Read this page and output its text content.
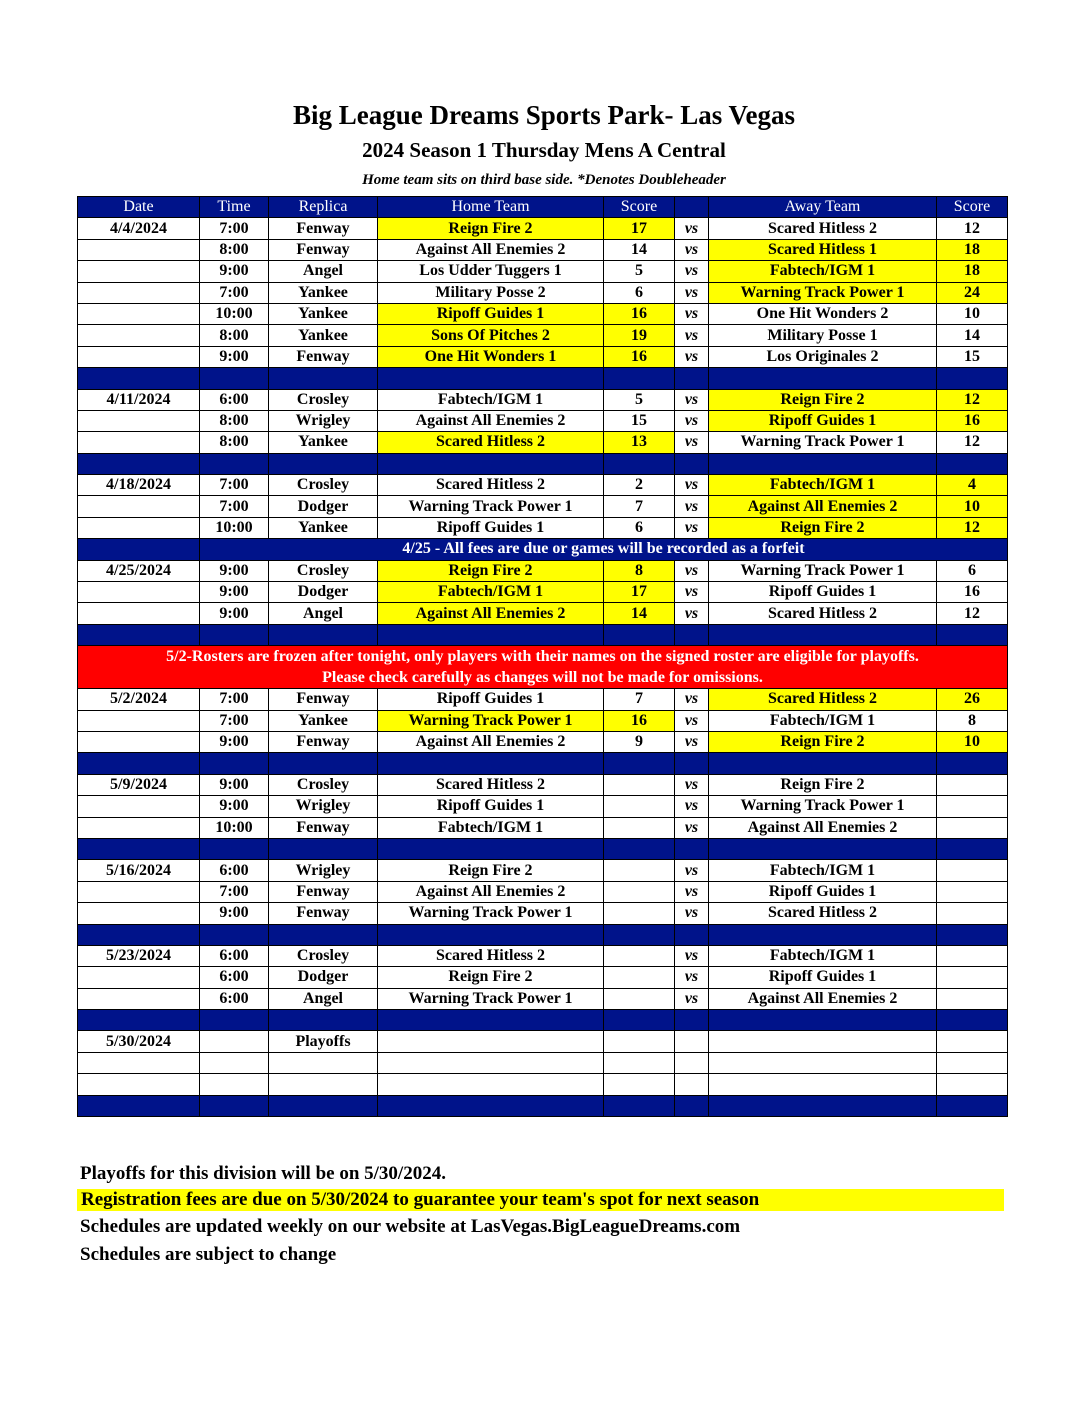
Big League Dreams Sports Park- Las Vegas
2024 Season 1 Thursday Mens A Central
Home team sits on third base side. *Denotes Doubleheader
Date	Time	Replica	Home Team	Score		Away Team	Score
4/4/2024	7:00	Fenway	Reign Fire 2	17	vs	Scared Hitless 2	12
	8:00	Fenway	Against All Enemies 2	14	vs	Scared Hitless 1	18
	9:00	Angel	Los Udder Tuggers 1	5	vs	Fabtech/IGM 1	18
	7:00	Yankee	Military Posse 2	6	vs	Warning Track Power 1	24
	10:00	Yankee	Ripoff Guides 1	16	vs	One Hit Wonders 2	10
	8:00	Yankee	Sons Of Pitches 2	19	vs	Military Posse 1	14
	9:00	Fenway	One Hit Wonders 1	16	vs	Los Originales 2	15

4/11/2024	6:00	Crosley	Fabtech/IGM 1	5	vs	Reign Fire 2	12
	8:00	Wrigley	Against All Enemies 2	15	vs	Ripoff Guides 1	16
	8:00	Yankee	Scared Hitless 2	13	vs	Warning Track Power 1	12

4/18/2024	7:00	Crosley	Scared Hitless 2	2	vs	Fabtech/IGM 1	4
	7:00	Dodger	Warning Track Power 1	7	vs	Against All Enemies 2	10
	10:00	Yankee	Ripoff Guides 1	6	vs	Reign Fire 2	12
	4/25 - All fees are due or games will be recorded as a forfeit						
4/25/2024	9:00	Crosley	Reign Fire 2	8	vs	Warning Track Power 1	6
	9:00	Dodger	Fabtech/IGM 1	17	vs	Ripoff Guides 1	16
	9:00	Angel	Against All Enemies 2	14	vs	Scared Hitless 2	12

5/2-Rosters are frozen after tonight, only players with their names on the signed roster are eligible for playoffs.
Please check carefully as changes will not be made for omissions.							

5/2/2024	7:00	Fenway	Ripoff Guides 1	7	vs	Scared Hitless 2	26
	7:00	Yankee	Warning Track Power 1	16	vs	Fabtech/IGM 1	8
	9:00	Fenway	Against All Enemies 2	9	vs	Reign Fire 2	10

5/9/2024	9:00	Crosley	Scared Hitless 2		vs	Reign Fire 2	
	9:00	Wrigley	Ripoff Guides 1		vs	Warning Track Power 1	
	10:00	Fenway	Fabtech/IGM 1		vs	Against All Enemies 2	

5/16/2024	6:00	Wrigley	Reign Fire 2		vs	Fabtech/IGM 1	
	7:00	Fenway	Against All Enemies 2		vs	Ripoff Guides 1	
	9:00	Fenway	Warning Track Power 1		vs	Scared Hitless 2	

5/23/2024	6:00	Crosley	Scared Hitless 2		vs	Fabtech/IGM 1	
	6:00	Dodger	Reign Fire 2		vs	Ripoff Guides 1	
	6:00	Angel	Warning Track Power 1		vs	Against All Enemies 2	

5/30/2024		Playoffs					

Playoffs for this division will be on 5/30/2024.
Registration fees are due on 5/30/2024 to guarantee your team's spot for next season
Schedules are updated weekly on our website at LasVegas.BigLeagueDreams.com
Schedules are subject to change
